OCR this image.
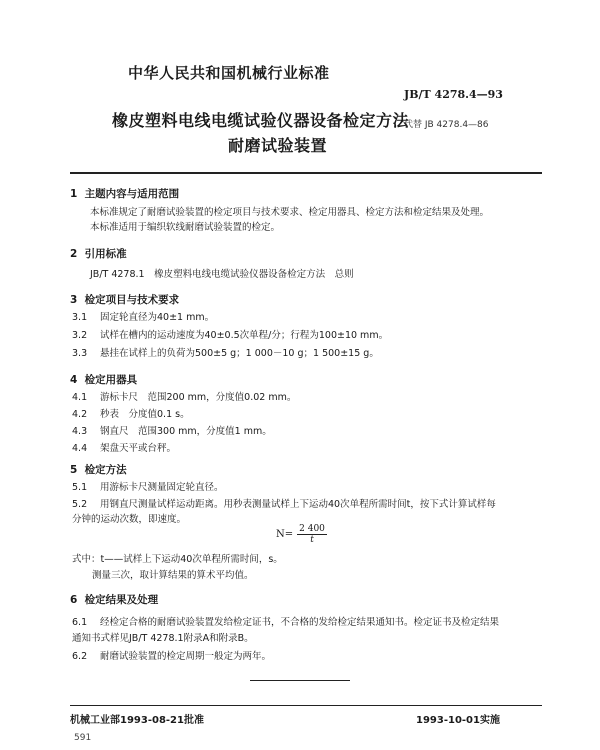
中华人民共和国机械行业标准
JB/T 4278.4—93
橡皮塑料电线电缆试验仪器设备检定方法
耐磨试验装置
代替 JB 4278.4—86
1 主题内容与适用范围
本标准规定了耐磨试验装置的检定项目与技术要求、检定用器具、检定方法和检定结果及处理。
本标准适用于编织软线耐磨试验装置的检定。
2 引用标准
JB/T 4278.1　橡皮塑料电线电缆试验仪器设备检定方法　总则
3 检定项目与技术要求
3.1 固定轮直径为40±1 mm。
3.2 试样在槽内的运动速度为40±0.5次单程/分；行程为100±10 mm。
3.3 悬挂在试样上的负荷为500±5 g；1 000－10 g；1 500±15 g。
4 检定用器具
4.1 游标卡尺　范围200 mm，分度值0.02 mm。
4.2 秒表　分度值0.1 s。
4.3 钢直尺　范围300 mm，分度值1 mm。
4.4 架盘天平或台秤。
5 检定方法
5.1 用游标卡尺测量固定轮直径。
5.2 用钢直尺测量试样运动距离。用秒表测量试样上下运动40次单程所需时间t，按下式计算试样每
分钟的运动次数，即速度。
$N= \frac{2 400}{t}$
式中：t——试样上下运动40次单程所需时间，s。
测量三次，取计算结果的算术平均值。
6 检定结果及处理
6.1 经检定合格的耐磨试验装置发给检定证书，不合格的发给检定结果通知书。检定证书及检定结果
通知书式样见JB/T 4278.1附录A和附录B。
6.2 耐磨试验装置的检定周期一般定为两年。
机械工业部1993-08-21批准	1993-10-01实施
591
